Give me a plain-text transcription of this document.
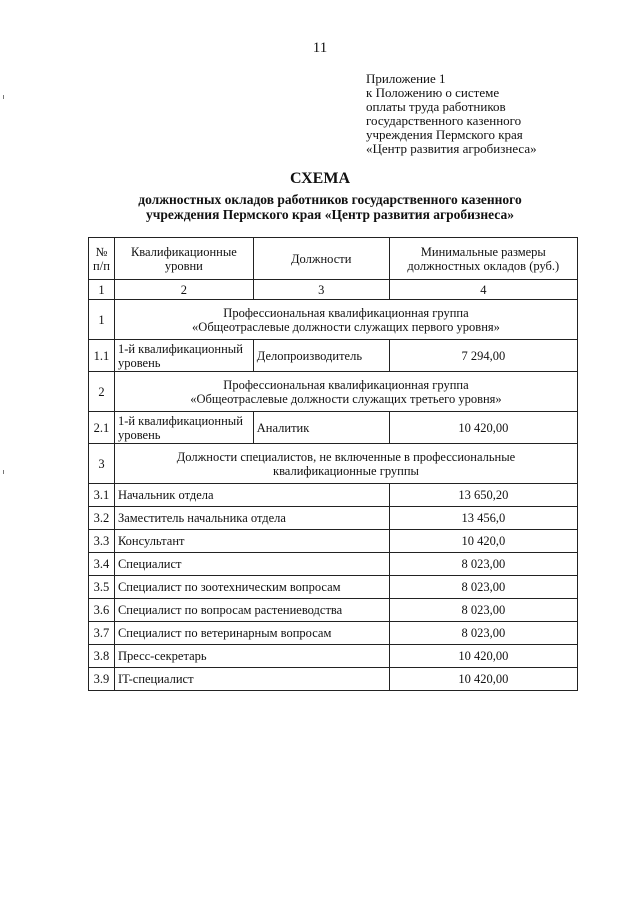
11
Приложение 1
к Положению о системе
оплаты труда работников
государственного казенного
учреждения Пермского края
«Центр развития агробизнеса»
СХЕМА
должностных окладов работников государственного казенного
учреждения Пермского края «Центр развития агробизнеса»
№ п/п	Квалификационные уровни	Должности	Минимальные размеры должностных окладов (руб.)
1	2	3	4
1	Профессиональная квалификационная группа
«Общеотраслевые должности служащих первого уровня»		

1.1	1-й квалификационный уровень	Делопроизводитель	7 294,00
2	Профессиональная квалификационная группа
«Общеотраслевые должности служащих третьего уровня»		

2.1	1-й квалификационный уровень	Аналитик	10 420,00
3	Должности специалистов, не включенные в профессиональные
квалификационные группы		

3.1	Начальник отдела		13 650,20
3.2	Заместитель начальника отдела		13 456,0
3.3	Консультант		10 420,0
3.4	Специалист		8 023,00
3.5	Специалист по зоотехническим вопросам		8 023,00
3.6	Специалист по вопросам растениеводства		8 023,00
3.7	Специалист по ветеринарным вопросам		8 023,00
3.8	Пресс-секретарь		10 420,00
3.9	IT-специалист		10 420,00
